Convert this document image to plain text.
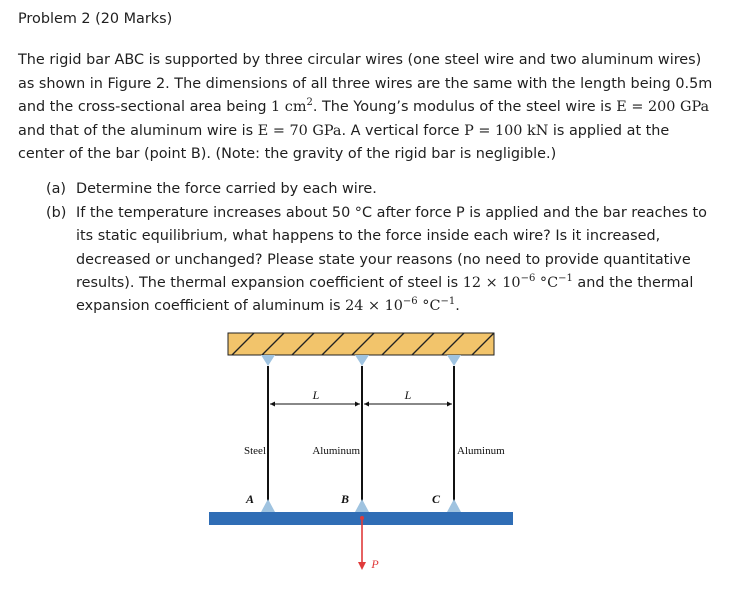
Problem 2 (20 Marks)

The rigid bar ABC is supported by three circular wires (one steel wire and two aluminum wires) as shown in Figure 2. The dimensions of all three wires are the same with the length being 0.5m and the cross-sectional area being 1 $cm^2$. The Young’s modulus of the steel wire is E = 200 GPa and that of the aluminum wire is E = 70 GPa. A vertical force P = 100 kN is applied at the center of the bar (point B). (Note: the gravity of the rigid bar is negligible.)

(a) Determine the force carried by each wire.
(b) If the temperature increases about 50 °C after force P is applied and the bar reaches to its static equilibrium, what happens to the force inside each wire? Is it increased, decreased or unchanged? Please state your reasons (no need to provide quantitative results). The thermal expansion coefficient of steel is $12 \times 10^{-6}$ $^\circ C^{-1}$ and the thermal expansion coefficient of aluminum is $24 \times 10^{-6}$ $^\circ C^{-1}$.
L	L
Steel	Aluminum	Aluminum
A	B	C
P
